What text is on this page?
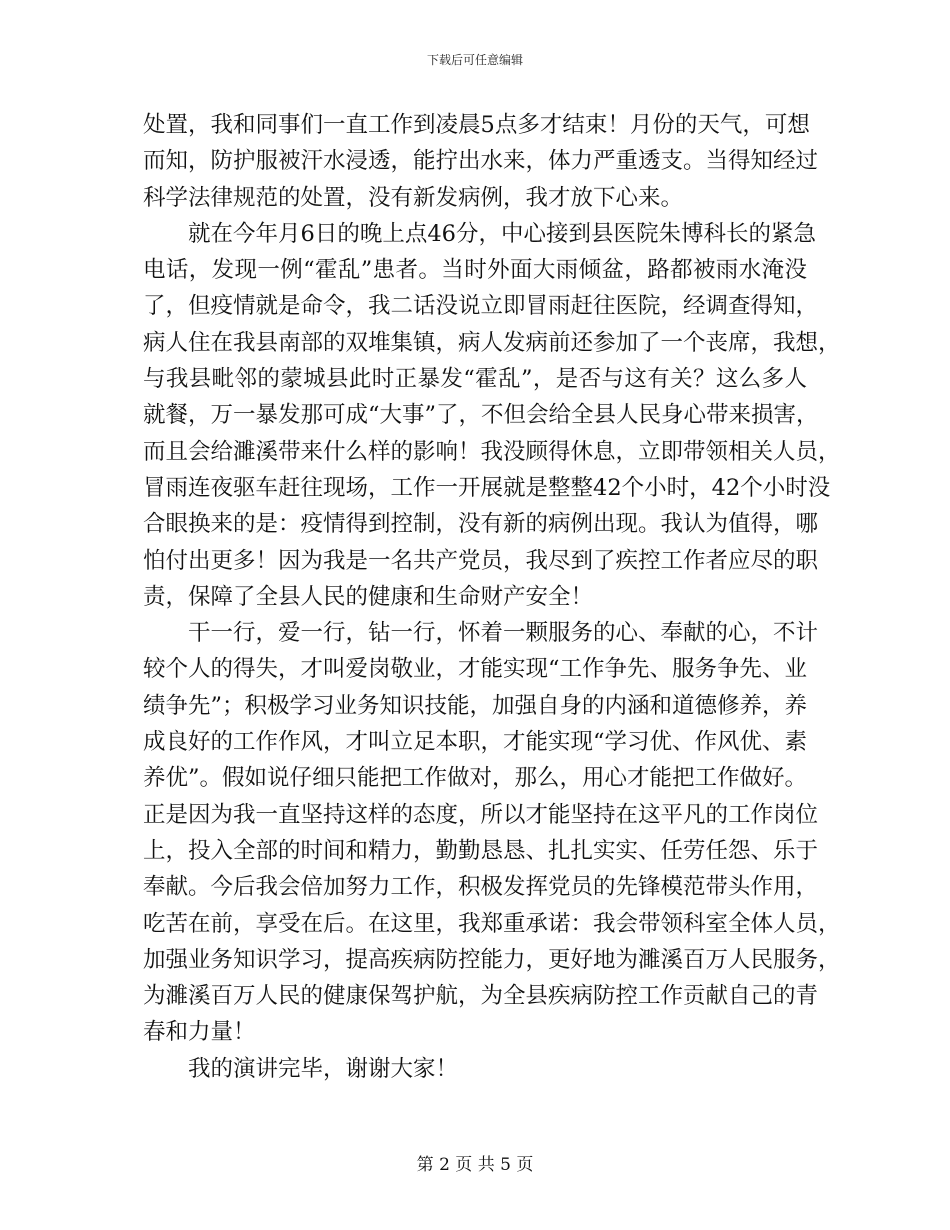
下载后可任意编辑
处置，我和同事们一直工作到凌晨5点多才结束！月份的天气，可想
而知，防护服被汗水浸透，能拧出水来，体力严重透支。当得知经过
科学法律规范的处置，没有新发病例，我才放下心来。
就在今年月6日的晚上点46分，中心接到县医院朱博科长的紧急
电话，发现一例“霍乱”患者。当时外面大雨倾盆，路都被雨水淹没
了，但疫情就是命令，我二话没说立即冒雨赶往医院，经调查得知，
病人住在我县南部的双堆集镇，病人发病前还参加了一个丧席，我想，
与我县毗邻的蒙城县此时正暴发“霍乱”，是否与这有关？这么多人
就餐，万一暴发那可成“大事”了，不但会给全县人民身心带来损害，
而且会给濉溪带来什么样的影响！我没顾得休息，立即带领相关人员，
冒雨连夜驱车赶往现场，工作一开展就是整整42个小时，42个小时没
合眼换来的是：疫情得到控制，没有新的病例出现。我认为值得，哪
怕付出更多！因为我是一名共产党员，我尽到了疾控工作者应尽的职
责，保障了全县人民的健康和生命财产安全！
干一行，爱一行，钻一行，怀着一颗服务的心、奉献的心，不计
较个人的得失，才叫爱岗敬业，才能实现“工作争先、服务争先、业
绩争先”；积极学习业务知识技能，加强自身的内涵和道德修养，养
成良好的工作作风，才叫立足本职，才能实现“学习优、作风优、素
养优”。假如说仔细只能把工作做对，那么，用心才能把工作做好。
正是因为我一直坚持这样的态度，所以才能坚持在这平凡的工作岗位
上，投入全部的时间和精力，勤勤恳恳、扎扎实实、任劳任怨、乐于
奉献。今后我会倍加努力工作，积极发挥党员的先锋模范带头作用，
吃苦在前，享受在后。在这里，我郑重承诺：我会带领科室全体人员，
加强业务知识学习，提高疾病防控能力，更好地为濉溪百万人民服务，
为濉溪百万人民的健康保驾护航，为全县疾病防控工作贡献自己的青
春和力量！
我的演讲完毕，谢谢大家！
第 2 页 共 5 页
